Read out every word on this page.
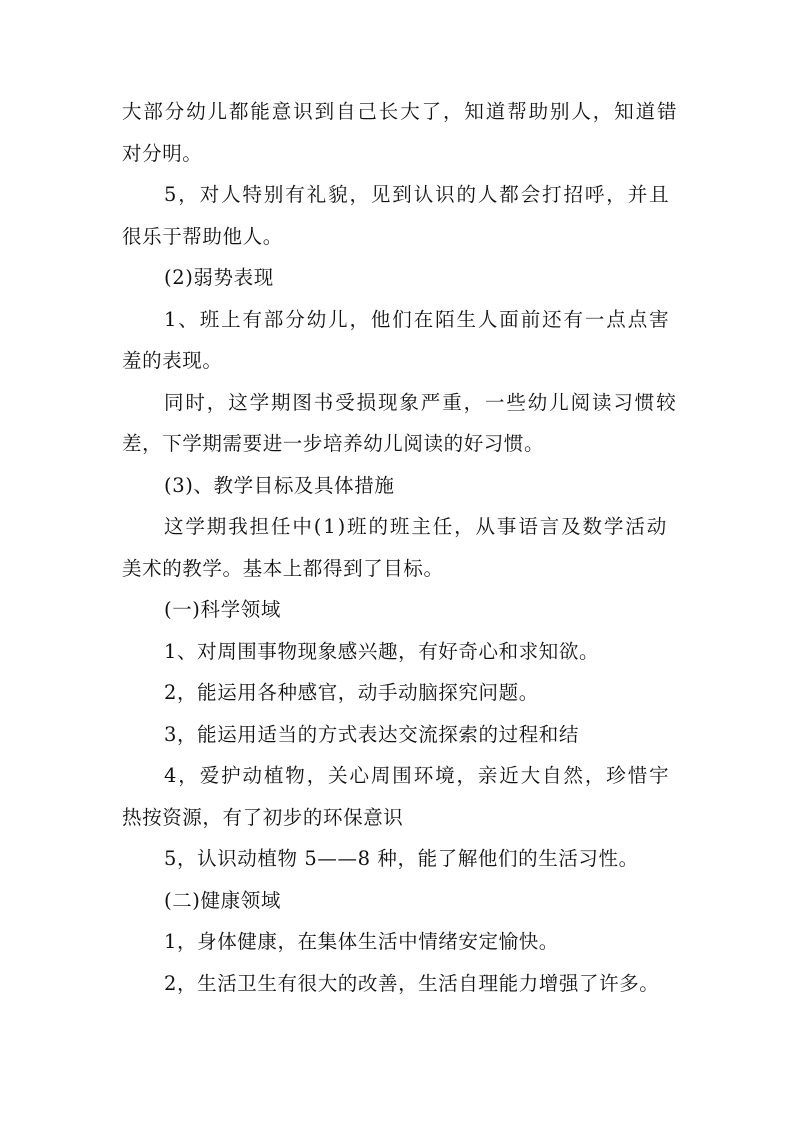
大部分幼儿都能意识到自己长大了，知道帮助别人，知道错
对分明。
5，对人特别有礼貌，见到认识的人都会打招呼，并且
很乐于帮助他人。
(2)弱势表现
1、班上有部分幼儿，他们在陌生人面前还有一点点害
羞的表现。
同时，这学期图书受损现象严重，一些幼儿阅读习惯较
差，下学期需要进一步培养幼儿阅读的好习惯。
(3)、教学目标及具体措施
这学期我担任中(1)班的班主任，从事语言及数学活动
美术的教学。基本上都得到了目标。
(一)科学领域
1、对周围事物现象感兴趣，有好奇心和求知欲。
2，能运用各种感官，动手动脑探究问题。
3，能运用适当的方式表达交流探索的过程和结
4，爱护动植物，关心周围环境，亲近大自然，珍惜宇
热按资源，有了初步的环保意识
5，认识动植物 5——8 种，能了解他们的生活习性。
(二)健康领域
1，身体健康，在集体生活中情绪安定愉快。
2，生活卫生有很大的改善，生活自理能力增强了许多。
